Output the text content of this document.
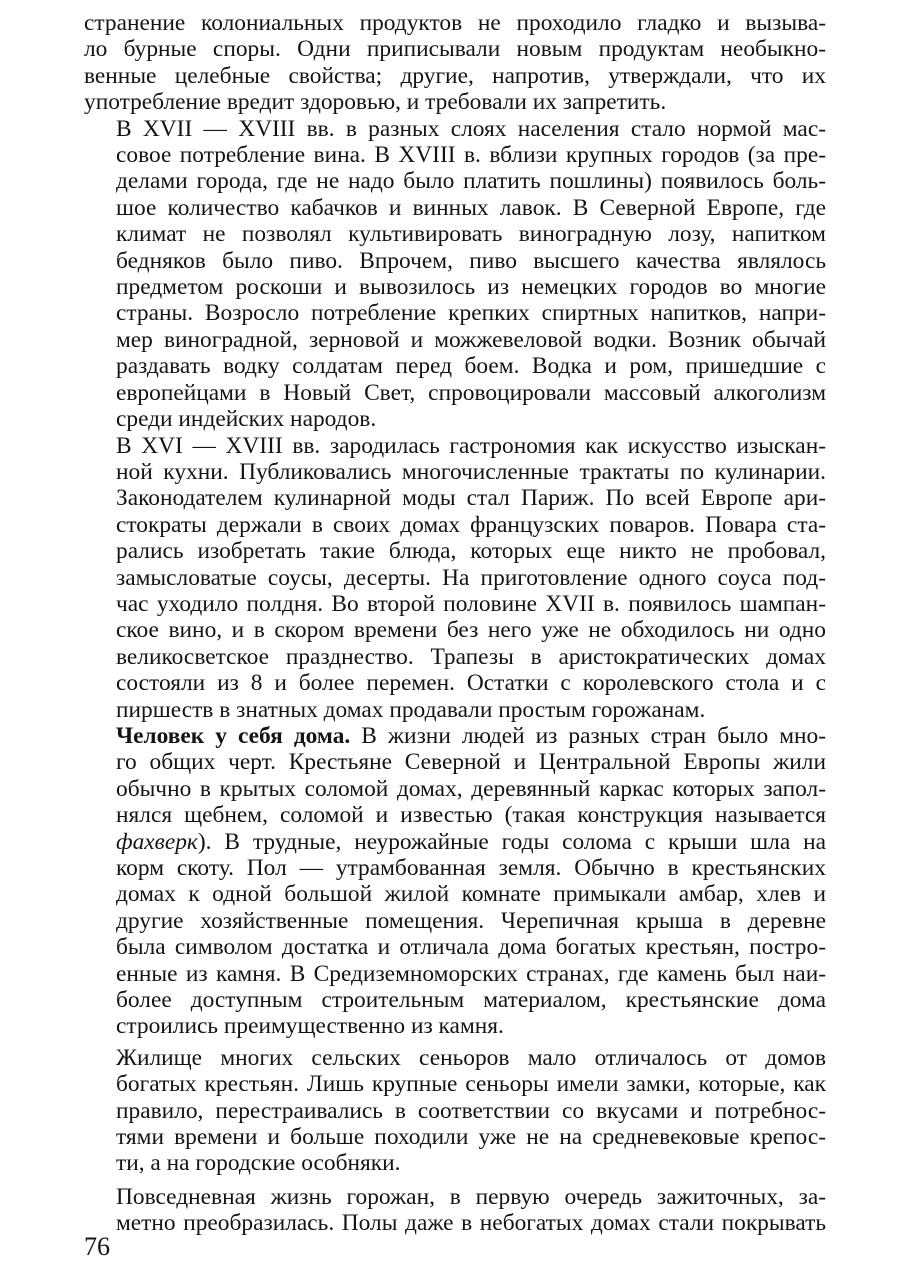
странение колониальных продуктов не проходило гладко и вызыва-
ло бурные споры. Одни приписывали новым продуктам необыкно-
венные целебные свойства; другие, напротив, утверждали, что их
употребление вредит здоровью, и требовали их запретить.

В XVII — XVIII вв. в разных слоях населения стало нормой мас-
совое потребление вина. В XVIII в. вблизи крупных городов (за пре-
делами города, где не надо было платить пошлины) появилось боль-
шое количество кабачков и винных лавок. В Северной Европе, где
климат не позволял культивировать виноградную лозу, напитком
бедняков было пиво. Впрочем, пиво высшего качества являлось
предметом роскоши и вывозилось из немецких городов во многие
страны. Возросло потребление крепких спиртных напитков, напри-
мер виноградной, зерновой и можжевеловой водки. Возник обычай
раздавать водку солдатам перед боем. Водка и ром, пришедшие с
европейцами в Новый Свет, спровоцировали массовый алкоголизм
среди индейских народов.

В XVI — XVIII вв. зародилась гастрономия как искусство изыскан-
ной кухни. Публиковались многочисленные трактаты по кулинарии.
Законодателем кулинарной моды стал Париж. По всей Европе ари-
стократы держали в своих домах французских поваров. Повара ста-
рались изобретать такие блюда, которых еще никто не пробовал,
замысловатые соусы, десерты. На приготовление одного соуса под-
час уходило полдня. Во второй половине XVII в. появилось шампан-
ское вино, и в скором времени без него уже не обходилось ни одно
великосветское празднество. Трапезы в аристократических домах
состояли из 8 и более перемен. Остатки с королевского стола и с
пиршеств в знатных домах продавали простым горожанам.

Человек у себя дома. В жизни людей из разных стран было мно-
го общих черт. Крестьяне Северной и Центральной Европы жили
обычно в крытых соломой домах, деревянный каркас которых запол-
нялся щебнем, соломой и известью (такая конструкция называется
фахверк). В трудные, неурожайные годы солома с крыши шла на
корм скоту. Пол — утрамбованная земля. Обычно в крестьянских
домах к одной большой жилой комнате примыкали амбар, хлев и
другие хозяйственные помещения. Черепичная крыша в деревне
была символом достатка и отличала дома богатых крестьян, постро-
енные из камня. В Средиземноморских странах, где камень был наи-
более доступным строительным материалом, крестьянские дома
строились преимущественно из камня.

Жилище многих сельских сеньоров мало отличалось от домов
богатых крестьян. Лишь крупные сеньоры имели замки, которые, как
правило, перестраивались в соответствии со вкусами и потребнос-
тями времени и больше походили уже не на средневековые крепос-
ти, а на городские особняки.

Повседневная жизнь горожан, в первую очередь зажиточных, за-
метно преобразилась. Полы даже в небогатых домах стали покрывать

76
